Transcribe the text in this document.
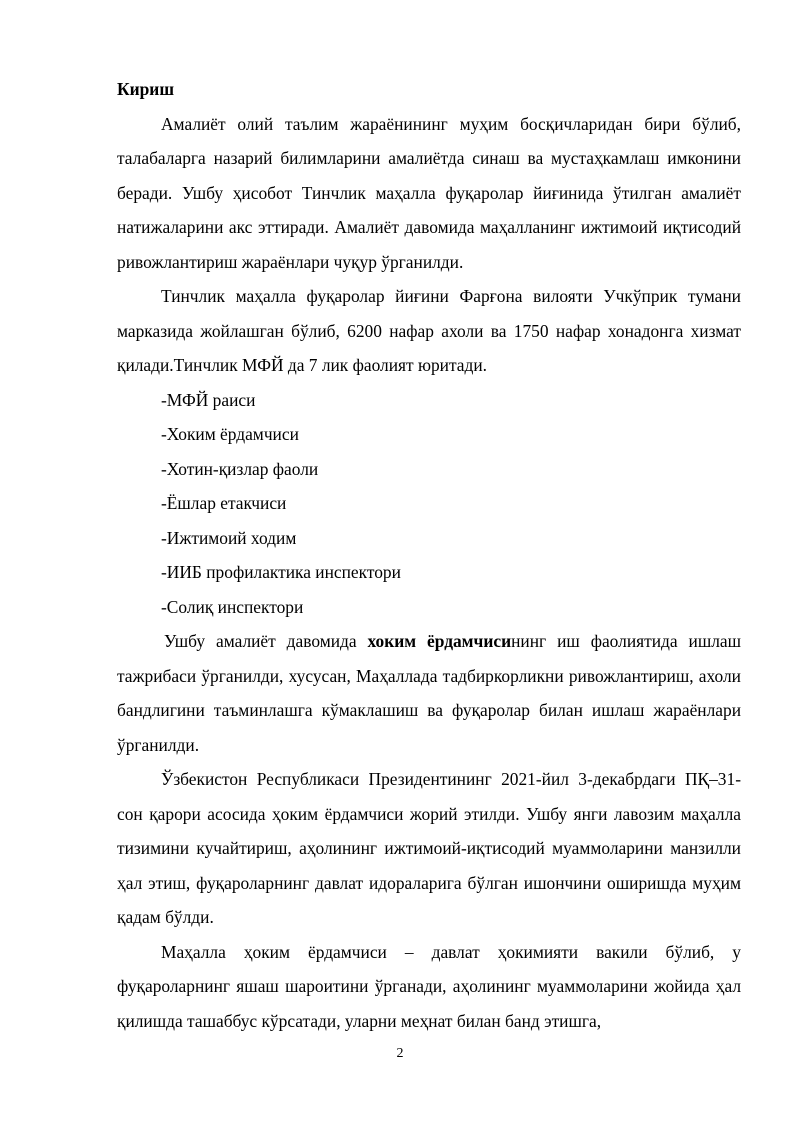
Кириш

Амалиёт олий таълим жараёнининг муҳим босқичларидан бири бўлиб, талабаларга назарий билимларини амалиётда синаш ва мустаҳкамлаш имконини беради. Ушбу ҳисобот Тинчлик маҳалла фуқаролар йиғинида ўтилган амалиёт натижаларини акс эттиради. Амалиёт давомида маҳалланинг ижтимоий иқтисодий ривожлантириш жараёнлари чуқур ўрганилди.

Тинчлик маҳалла фуқаролар йиғини Фарғона вилояти Учкўприк тумани марказида жойлашган бўлиб, 6200 нафар ахоли ва 1750 нафар хонадонга хизмат қилади.Тинчлик МФЙ да 7 лик фаолият юритади.

-МФЙ раиси

-Хоким ёрдамчиси

-Хотин-қизлар фаоли

-Ёшлар етакчиси

-Ижтимоий ходим

-ИИБ профилактика инспектори

-Солиқ инспектори

Ушбу амалиёт давомида хоким ёрдамчисининг иш фаолиятида ишлаш тажрибаси ўрганилди, хусусан, Маҳаллада тадбиркорликни ривожлантириш, ахоли бандлигини таъминлашга кўмаклашиш ва фуқаролар билан ишлаш жараёнлари ўрганилди.

Ўзбекистон Республикаси Президентининг 2021-йил 3-декабрдаги ПҚ–31-сон қарори асосида ҳоким ёрдамчиси жорий этилди. Ушбу янги лавозим маҳалла тизимини кучайтириш, аҳолининг ижтимоий-иқтисодий муаммоларини манзилли ҳал этиш, фуқароларнинг давлат идораларига бўлган ишончини оширишда муҳим қадам бўлди.

Маҳалла ҳоким ёрдамчиси – давлат ҳокимияти вакили бўлиб, у фуқароларнинг яшаш шароитини ўрганади, аҳолининг муаммоларини жойида ҳал қилишда ташаббус кўрсатади, уларни меҳнат билан банд этишга,

2
